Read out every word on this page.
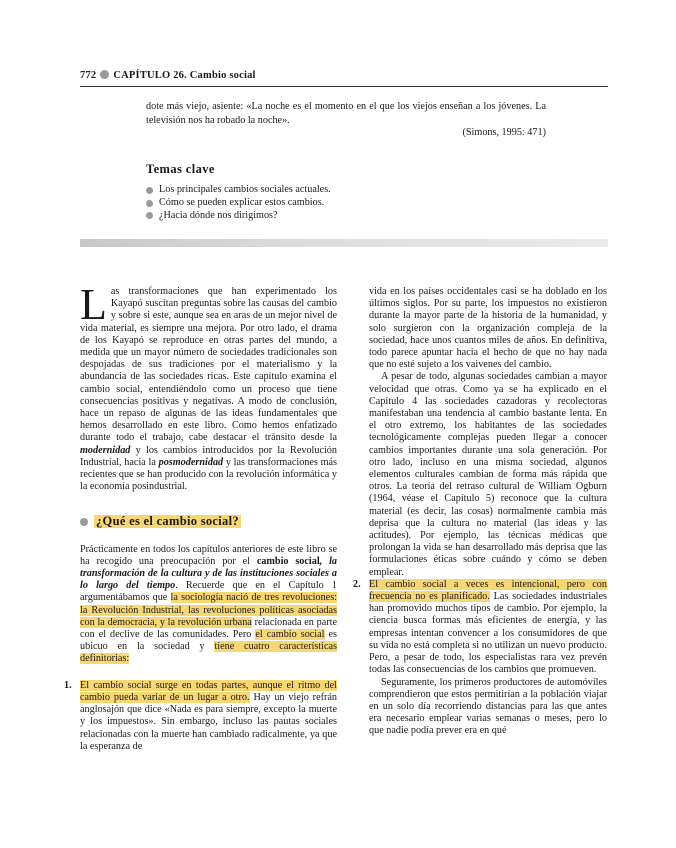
772 CAPÍTULO 26. Cambio social
dote más viejo, asiente: «La noche es el momento en el que los viejos enseñan a los jóvenes. La televisión nos ha robado la noche».
(Simons, 1995: 471)
Temas clave
Los principales cambios sociales actuales.
Cómo se pueden explicar estos cambios.
¿Hacia dónde nos dirigimos?

Las transformaciones que han experimentado los Kayapó suscitan preguntas sobre las causas del cambio y sobre si este, aunque sea en aras de un mejor nivel de vida material, es siempre una mejora. Por otro lado, el drama de los Kayapó se reproduce en otras partes del mundo, a medida que un mayor número de sociedades tradicionales son despojadas de sus tradiciones por el materialismo y la abundancia de las sociedades ricas. Este capítulo examina el cambio social, entendiéndolo como un proceso que tiene consecuencias positivas y negativas. A modo de conclusión, hace un repaso de algunas de las ideas fundamentales que hemos desarrollado en este libro. Como hemos enfatizado durante todo el trabajo, cabe destacar el tránsito desde la modernidad y los cambios introducidos por la Revolución Industrial, hacia la posmodernidad y las transformaciones más recientes que se han producido con la revolución informática y la economía posindustrial.

¿Qué es el cambio social?

Prácticamente en todos los capítulos anteriores de este libro se ha recogido una preocupación por el cambio social, la transformación de la cultura y de las instituciones sociales a lo largo del tiempo. Recuerde que en el Capítulo 1 argumentábamos que la sociología nació de tres revoluciones: la Revolución Industrial, las revoluciones políticas asociadas con la democracia, y la revolución urbana relacionada en parte con el declive de las comunidades. Pero el cambio social es ubicuo en la sociedad y tiene cuatro características definitorias:

1. El cambio social surge en todas partes, aunque el ritmo del cambio pueda variar de un lugar a otro. Hay un viejo refrán anglosajón que dice «Nada es para siempre, excepto la muerte y los impuestos». Sin embargo, incluso las pautas sociales relacionadas con la muerte han cambiado radicalmente, ya que la esperanza de

vida en los países occidentales casi se ha doblado en los últimos siglos. Por su parte, los impuestos no existieron durante la mayor parte de la historia de la humanidad, y solo surgieron con la organización compleja de la sociedad, hace unos cuantos miles de años. En definitiva, todo parece apuntar hacia el hecho de que no hay nada que no esté sujeto a los vaivenes del cambio.

A pesar de todo, algunas sociedades cambian a mayor velocidad que otras. Como ya se ha explicado en el Capítulo 4 las sociedades cazadoras y recolectoras manifestaban una tendencia al cambio bastante lenta. En el otro extremo, los habitantes de las sociedades tecnológicamente complejas pueden llegar a conocer cambios importantes durante una sola generación. Por otro lado, incluso en una misma sociedad, algunos elementos culturales cambian de forma más rápida que otros. La teoría del retraso cultural de William Ogburn (1964, véase el Capítulo 5) reconoce que la cultura material (es decir, las cosas) normalmente cambia más deprisa que la cultura no material (las ideas y las actitudes). Por ejemplo, las técnicas médicas que prolongan la vida se han desarrollado más deprisa que las formulaciones éticas sobre cuándo y cómo se deben emplear.

2. El cambio social a veces es intencional, pero con frecuencia no es planificado. Las sociedades industriales han promovido muchos tipos de cambio. Por ejemplo, la ciencia busca formas más eficientes de energía, y las empresas intentan convencer a los consumidores de que su vida no está completa si no utilizan un nuevo producto. Pero, a pesar de todo, los especialistas rara vez prevén todas las consecuencias de los cambios que promueven.

Seguramente, los primeros productores de automóviles comprendieron que estos permitirían a la población viajar en un solo día recorriendo distancias para las que antes era necesario emplear varias semanas o meses, pero lo que nadie podía prever era en qué
